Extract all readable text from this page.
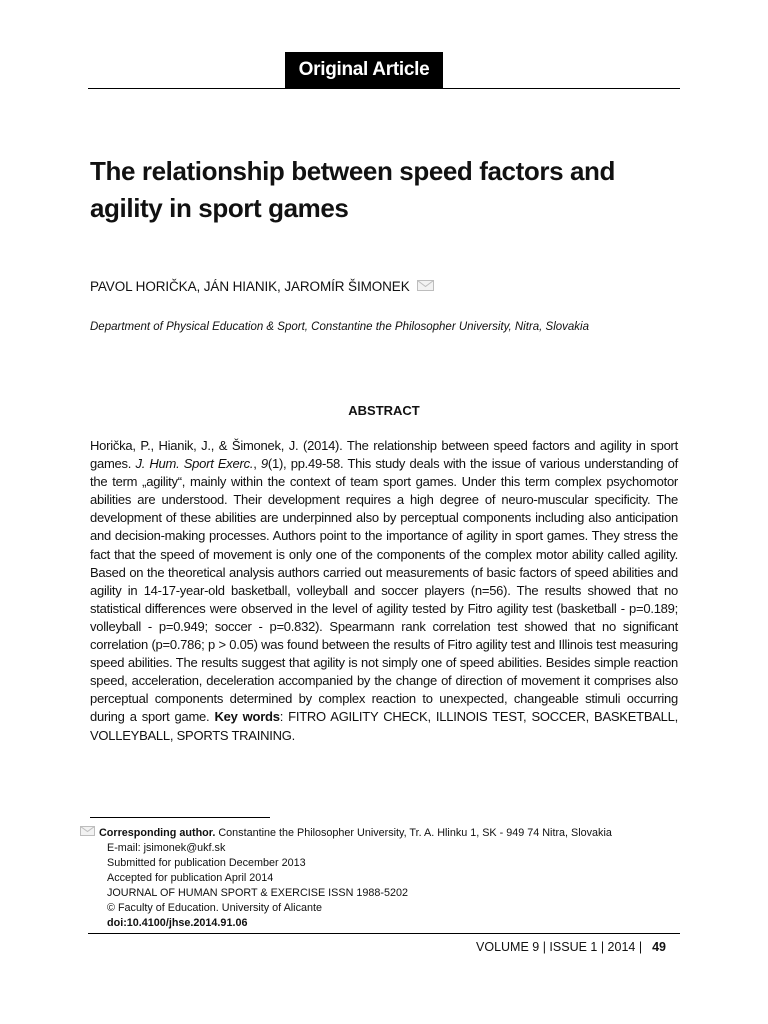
Original Article
The relationship between speed factors and agility in sport games
PAVOL HORIČKA, JÁN HIANIK, JAROMÍR ŠIMONEK
Department of Physical Education & Sport, Constantine the Philosopher University, Nitra, Slovakia
ABSTRACT

Horička, P., Hianik, J., & Šimonek, J. (2014). The relationship between speed factors and agility in sport games. J. Hum. Sport Exerc., 9(1), pp.49-58. This study deals with the issue of various understanding of the term „agility“, mainly within the context of team sport games. Under this term complex psychomotor abilities are understood. Their development requires a high degree of neuro-muscular specificity. The development of these abilities are underpinned also by perceptual components including also anticipation and decision-making processes. Authors point to the importance of agility in sport games. They stress the fact that the speed of movement is only one of the components of the complex motor ability called agility. Based on the theoretical analysis authors carried out measurements of basic factors of speed abilities and agility in 14-17-year-old basketball, volleyball and soccer players (n=56). The results showed that no statistical differences were observed in the level of agility tested by Fitro agility test (basketball - p=0.189; volleyball - p=0.949; soccer - p=0.832). Spearmann rank correlation test showed that no significant correlation (p=0.786; p > 0.05) was found between the results of Fitro agility test and Illinois test measuring speed abilities. The results suggest that agility is not simply one of speed abilities. Besides simple reaction speed, acceleration, deceleration accompanied by the change of direction of movement it comprises also perceptual components determined by complex reaction to unexpected, changeable stimuli occurring during a sport game. Key words: FITRO AGILITY CHECK, ILLINOIS TEST, SOCCER, BASKETBALL, VOLLEYBALL, SPORTS TRAINING.

Corresponding author. Constantine the Philosopher University, Tr. A. Hlinku 1, SK - 949 74 Nitra, Slovakia
E-mail: jsimonek@ukf.sk
Submitted for publication December 2013
Accepted for publication April 2014
JOURNAL OF HUMAN SPORT & EXERCISE ISSN 1988-5202
© Faculty of Education. University of Alicante
doi:10.4100/jhse.2014.91.06
VOLUME 9 | ISSUE 1 | 2014 | 49
